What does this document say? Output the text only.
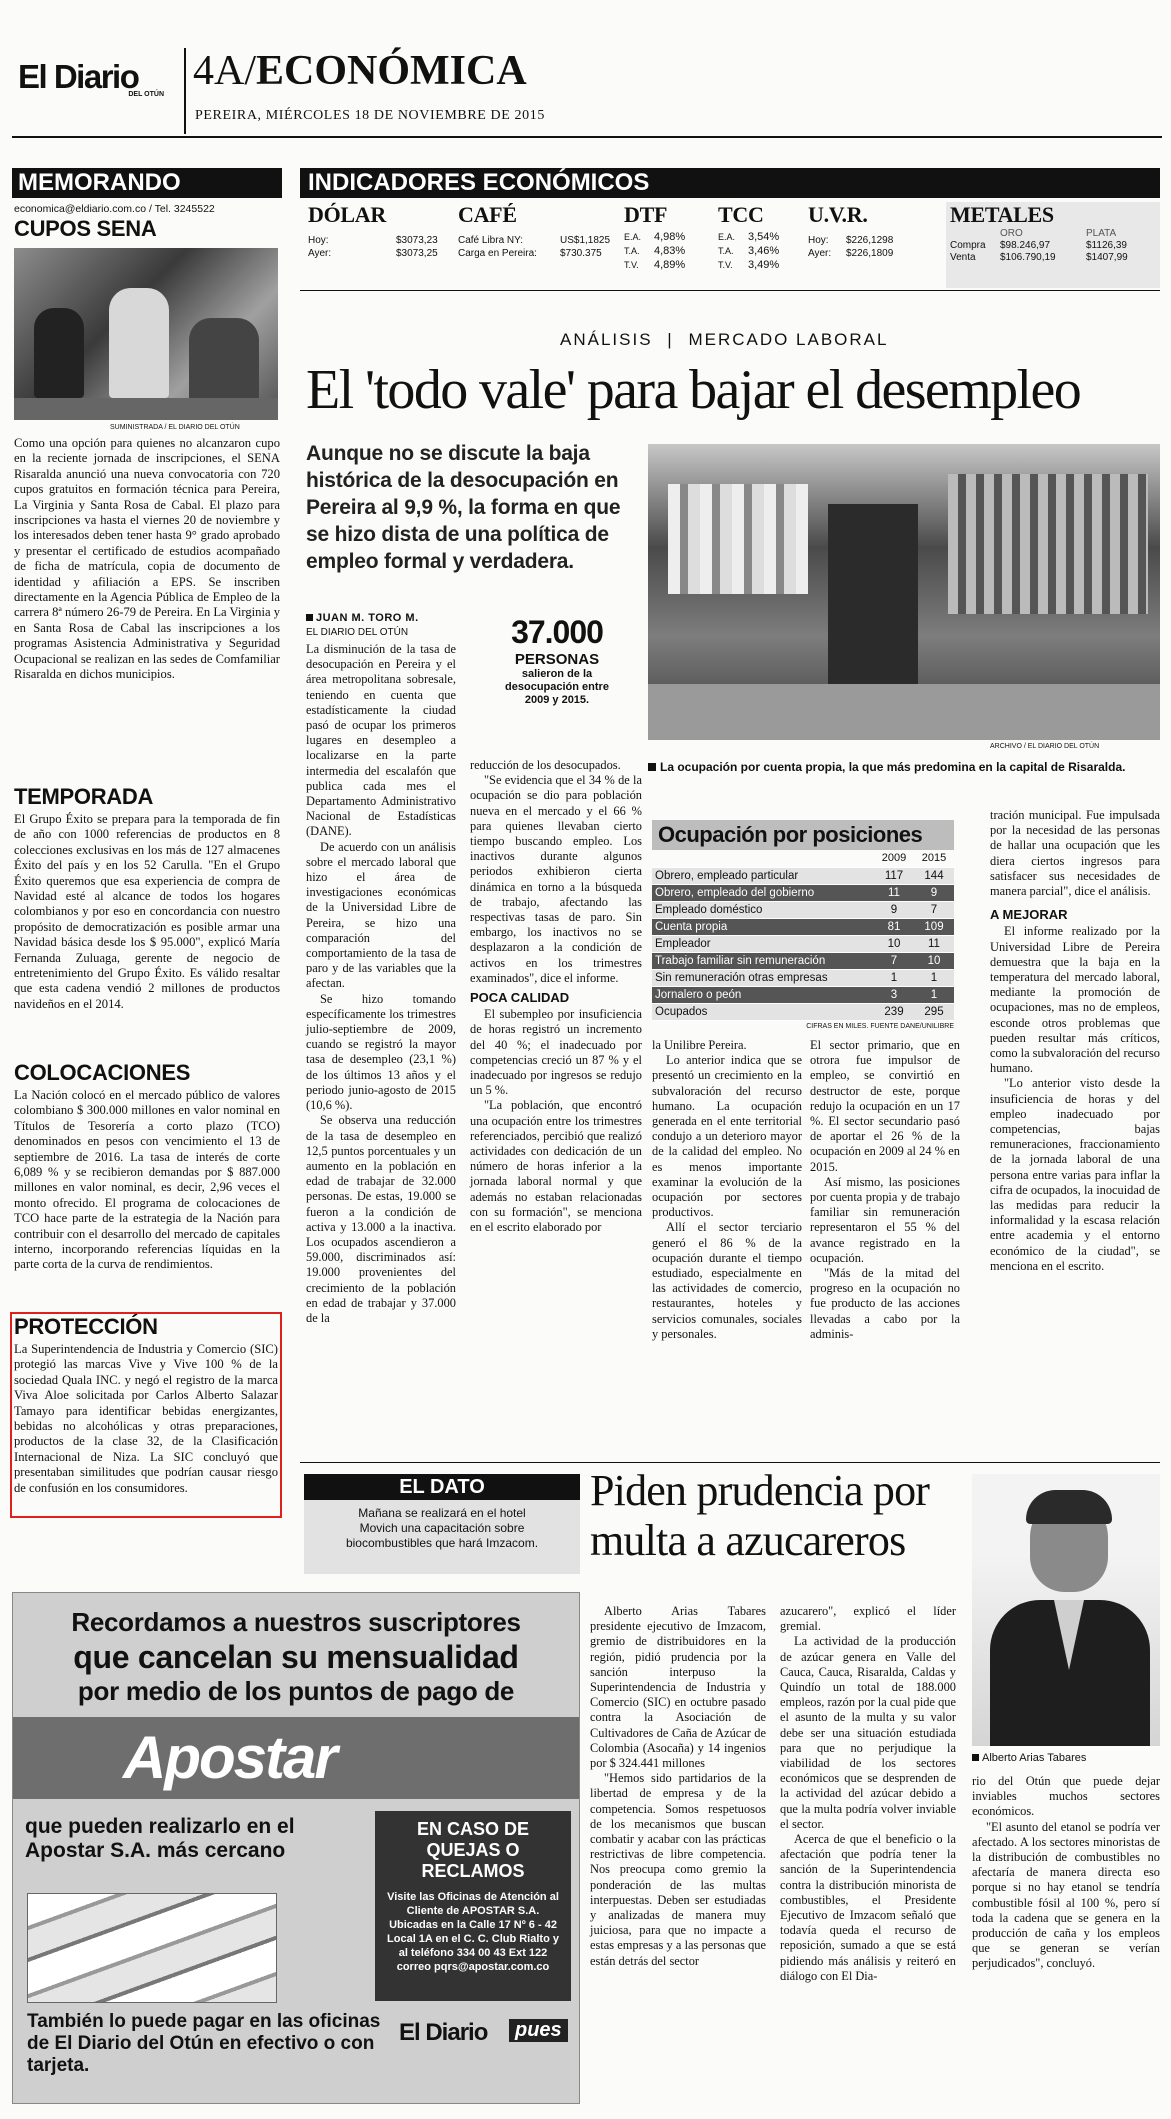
El Diario
DEL OTÚN
4A/ECONÓMICA
PEREIRA, MIÉRCOLES 18 DE NOVIEMBRE DE 2015
MEMORANDO
economica@eldiario.com.co / Tel. 3245522
CUPOS SENA
SUMINISTRADA / EL DIARIO DEL OTÚN

Como una opción para quienes no alcanzaron cupo en la reciente jornada de inscripciones, el SENA Risaralda anunció una nueva convocatoria con 720 cupos gratuitos en formación técnica para Pereira, La Virginia y Santa Rosa de Cabal. El plazo para inscripciones va hasta el viernes 20 de noviembre y los interesados deben tener hasta 9° grado aprobado y presentar el certificado de estudios acompañado de ficha de matrícula, copia de documento de identidad y afiliación a EPS. Se inscriben directamente en la Agencia Pública de Empleo de la carrera 8ª número 26-79 de Pereira. En La Virginia y en Santa Rosa de Cabal las inscripciones a los programas Asistencia Administrativa y Seguridad Ocupacional se realizan en las sedes de Comfamiliar Risaralda en dichos municipios.

TEMPORADA

El Grupo Éxito se prepara para la temporada de fin de año con 1000 referencias de productos en 8 colecciones exclusivas en los más de 127 almacenes Éxito del país y en los 52 Carulla. "En el Grupo Éxito queremos que esa experiencia de compra de Navidad esté al alcance de todos los hogares colombianos y por eso en concordancia con nuestro propósito de democratización es posible armar una Navidad básica desde los $ 95.000", explicó María Fernanda Zuluaga, gerente de negocio de entretenimiento del Grupo Éxito. Es válido resaltar que esta cadena vendió 2 millones de productos navideños en el 2014.

COLOCACIONES

La Nación colocó en el mercado público de valores colombiano $ 300.000 millones en valor nominal en Títulos de Tesorería a corto plazo (TCO) denominados en pesos con vencimiento el 13 de septiembre de 2016. La tasa de interés de corte 6,089 % y se recibieron demandas por $ 887.000 millones en valor nominal, es decir, 2,96 veces el monto ofrecido. El programa de colocaciones de TCO hace parte de la estrategia de la Nación para contribuir con el desarrollo del mercado de capitales interno, incorporando referencias líquidas en la parte corta de la curva de rendimientos.

PROTECCIÓN

La Superintendencia de Industria y Comercio (SIC) protegió las marcas Vive y Vive 100 % de la sociedad Quala INC. y negó el registro de la marca Viva Aloe solicitada por Carlos Alberto Salazar Tamayo para identificar bebidas energizantes, bebidas no alcohólicas y otras preparaciones, productos de la clase 32, de la Clasificación Internacional de Niza. La SIC concluyó que presentaban similitudes que podrían causar riesgo de confusión en los consumidores.

INDICADORES ECONÓMICOS
DÓLAR
Hoy:	$3073,23
Ayer:	$3073,25
CAFÉ
Café Libra NY:	US$1,1825
Carga en Pereira: $730.375
DTF
E.A. 4,98%
T.A. 4,83%
T.V. 4,89%
TCC
E.A. 3,54%
T.A. 3,46%
T.V. 3,49%
U.V.R.
Hoy: $226,1298
Ayer: $226,1809
METALES
ORO	PLATA
Compra $98.246,97	$1126,39
Venta $106.790,19	$1407,99
ANÁLISIS | MERCADO LABORAL
El 'todo vale' para bajar el desempleo
Aunque no se discute la baja histórica de la desocupación en Pereira al 9,9 %, la forma en que se hizo dista de una política de empleo formal y verdadera.
ARCHIVO / EL DIARIO DEL OTÚN
La ocupación por cuenta propia, la que más predomina en la capital de Risaralda.
JUAN M. TORO M.
EL DIARIO DEL OTÚN

La disminución de la tasa de desocupación en Pereira y el área metropolitana sobresale, teniendo en cuenta que estadísticamente la ciudad pasó de ocupar los primeros lugares en desempleo a localizarse en la parte intermedia del escalafón que publica cada mes el Departamento Administrativo Nacional de Estadísticas (DANE).

De acuerdo con un análisis sobre el mercado laboral que hizo el área de investigaciones económicas de la Universidad Libre de Pereira, se hizo una comparación del comportamiento de la tasa de paro y de las variables que la afectan.

Se hizo tomando específicamente los trimestres julio-septiembre de 2009, cuando se registró la mayor tasa de desempleo (23,1 %) de los últimos 13 años y el periodo junio-agosto de 2015 (10,6 %).

Se observa una reducción de la tasa de desempleo en 12,5 puntos porcentuales y un aumento en la población en edad de trabajar de 32.000 personas. De estas, 19.000 se fueron a la condición de activa y 13.000 a la inactiva. Los ocupados ascendieron a 59.000, discriminados así: 19.000 provenientes del crecimiento de la población en edad de trabajar y 37.000 de la

37.000
PERSONAS
salieron de la desocupación entre 2009 y 2015.

reducción de los desocupados.

"Se evidencia que el 34 % de la ocupación se dio para población nueva en el mercado y el 66 % para quienes llevaban cierto tiempo buscando empleo. Los inactivos durante algunos periodos exhibieron cierta dinámica en torno a la búsqueda de trabajo, afectando las respectivas tasas de paro. Sin embargo, los inactivos no se desplazaron a la condición de activos en los trimestres examinados", dice el informe.

POCA CALIDAD

El subempleo por insuficiencia de horas registró un incremento del 40 %; el inadecuado por competencias creció un 87 % y el inadecuado por ingresos se redujo un 5 %.

"La población, que encontró una ocupación entre los trimestres referenciados, percibió que realizó actividades con dedicación de un número de horas inferior a la jornada laboral normal y que además no estaban relacionadas con su formación", se menciona en el escrito elaborado por

Ocupación por posiciones
	2009	2015
Obrero, empleado particular	117	144
Obrero, empleado del gobierno	11	9
Empleado doméstico	9	7
Cuenta propia	81	109
Empleador	10	11
Trabajo familiar sin remuneración	7	10
Sin remuneración otras empresas	1	1
Jornalero o peón	3	1
Ocupados	239	295
CIFRAS EN MILES. FUENTE DANE/UNILIBRE

la Unilibre Pereira.

Lo anterior indica que se presentó un crecimiento en la subvaloración del recurso humano. La ocupación generada en el ente territorial condujo a un deterioro mayor de la calidad del empleo. No es menos importante examinar la evolución de la ocupación por sectores productivos.

Allí el sector terciario generó el 86 % de la ocupación durante el tiempo estudiado, especialmente en las actividades de comercio, restaurantes, hoteles y servicios comunales, sociales y personales.

El sector primario, que en otrora fue impulsor de empleo, se convirtió en destructor de este, porque redujo la ocupación en un 17 %. El sector secundario pasó de aportar el 26 % de la ocupación en 2009 al 24 % en 2015.

Así mismo, las posiciones por cuenta propia y de trabajo familiar sin remuneración representaron el 55 % del avance registrado en la ocupación.

"Más de la mitad del progreso en la ocupación no fue producto de las acciones llevadas a cabo por la adminis-

tración municipal. Fue impulsada por la necesidad de las personas de hallar una ocupación que les diera ciertos ingresos para satisfacer sus necesidades de manera parcial", dice el análisis.

A MEJORAR

El informe realizado por la Universidad Libre de Pereira demuestra que la baja en la temperatura del mercado laboral, mediante la promoción de ocupaciones, mas no de empleos, esconde otros problemas que pueden resultar más críticos, como la subvaloración del recurso humano.

"Lo anterior visto desde la insuficiencia de horas y del empleo inadecuado por competencias, bajas remuneraciones, fraccionamiento de la jornada laboral de una persona entre varias para inflar la cifra de ocupados, la inocuidad de las medidas para reducir la informalidad y la escasa relación entre academia y el entorno económico de la ciudad", se menciona en el escrito.

EL DATO
Mañana se realizará en el hotel Movich una capacitación sobre biocombustibles que hará Imzacom.
Piden prudencia por multa a azucareros

Alberto Arias Tabares presidente ejecutivo de Imzacom, gremio de distribuidores en la región, pidió prudencia por la sanción interpuso la Superintendencia de Industria y Comercio (SIC) en octubre pasado contra la Asociación de Cultivadores de Caña de Azúcar de Colombia (Asocaña) y 14 ingenios por $ 324.441 millones

"Hemos sido partidarios de la libertad de empresa y de la competencia. Somos respetuosos de los mecanismos que buscan combatir y acabar con las prácticas restrictivas de libre competencia. Nos preocupa como gremio la ponderación de las multas interpuestas. Deben ser estudiadas y analizadas de manera muy juiciosa, para que no impacte a estas empresas y a las personas que están detrás del sector

azucarero", explicó el líder gremial.

La actividad de la producción de azúcar genera en Valle del Cauca, Cauca, Risaralda, Caldas y Quindío un total de 188.000 empleos, razón por la cual pide que el asunto de la multa y su valor debe ser una situación estudiada para que no perjudique la viabilidad de los sectores económicos que se desprenden de la actividad del azúcar debido a que la multa podría volver inviable el sector.

Acerca de que el beneficio o la afectación que podría tener la sanción de la Superintendencia contra la distribución minorista de combustibles, el Presidente Ejecutivo de Imzacom señaló que todavía queda el recurso de reposición, sumado a que se está pidiendo más análisis y reiteró en diálogo con El Dia-

Alberto Arias Tabares

rio del Otún que puede dejar inviables muchos sectores económicos.

"El asunto del etanol se podría ver afectado. A los sectores minoristas de la distribución de combustibles no afectaría de manera directa eso porque si no hay etanol se tendría combustible fósil al 100 %, pero sí toda la cadena que se genera en la producción de caña y los empleos que se generan se verían perjudicados", concluyó.

Recordamos a nuestros suscriptores
que cancelan su mensualidad
por medio de los puntos de pago de
Apostar
que pueden realizarlo en el Apostar S.A. más cercano
EN CASO DE QUEJAS O RECLAMOS
Visite las Oficinas de Atención al Cliente de APOSTAR S.A. Ubicadas en la Calle 17 Nº 6 - 42 Local 1A en el C. C. Club Rialto y al teléfono 334 00 43 Ext 122 correo pqrs@apostar.com.co
También lo puede pagar en las oficinas de El Diario del Otún en efectivo o con tarjeta.
El Diario	pues
